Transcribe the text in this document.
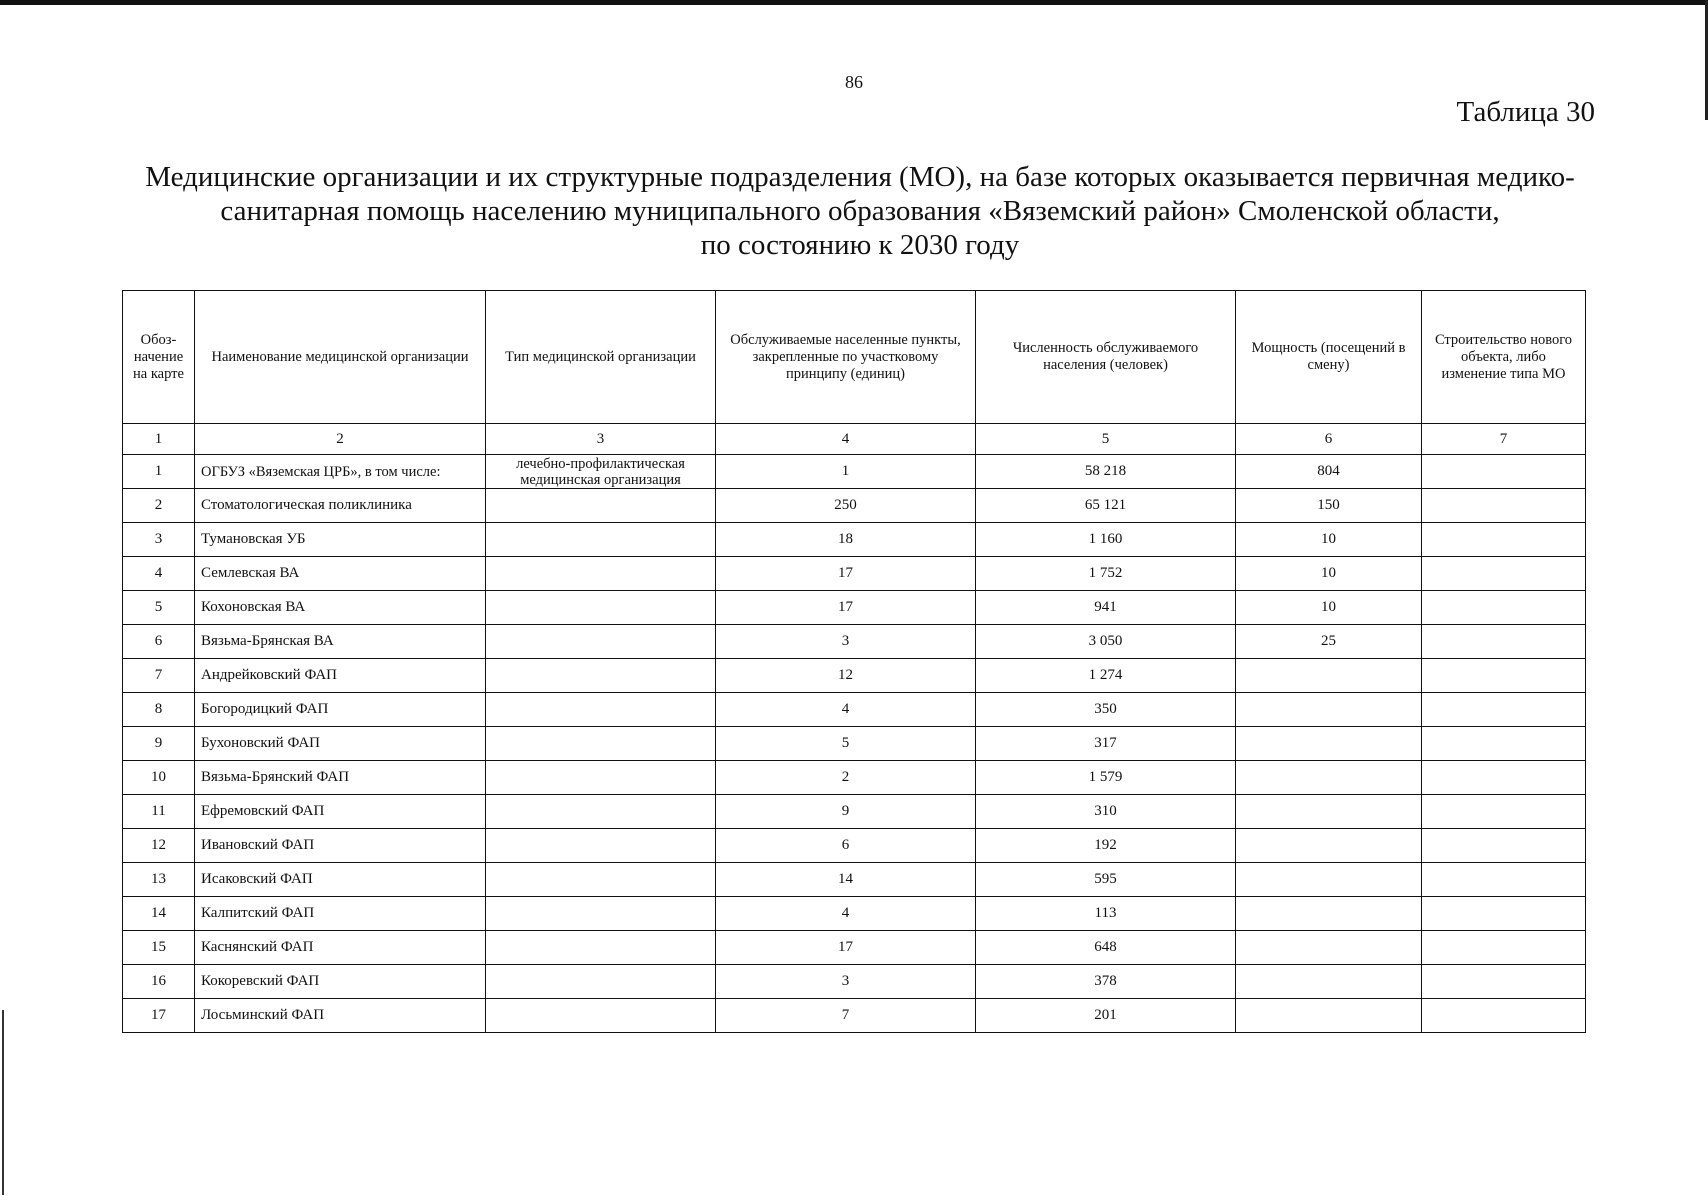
86
Таблица 30
Медицинские организации и их структурные подразделения (МО), на базе которых оказывается первичная медико-
санитарная помощь населению муниципального образования «Вяземский район» Смоленской области,
по состоянию к 2030 году
Обоз-начение на карте	Наименование медицинской организации	Тип медицинской организации	Обслуживаемые населенные пункты, закрепленные по участковому принципу (единиц)	Численность обслуживаемого населения (человек)	Мощность (посещений в смену)	Строительство нового объекта, либо изменение типа МО
1	2	3	4	5	6	7
1	ОГБУЗ «Вяземская ЦРБ», в том числе:	лечебно-профилактическая медицинская организация	1	58 218	804	
2	Стоматологическая поликлиника		250	65 121	150	
3	Тумановская УБ		18	1 160	10	
4	Семлевская ВА		17	1 752	10	
5	Кохоновская ВА		17	941	10	
6	Вязьма-Брянская ВА		3	3 050	25	
7	Андрейковский ФАП		12	1 274		
8	Богородицкий ФАП		4	350		
9	Бухоновский ФАП		5	317		
10	Вязьма-Брянский ФАП		2	1 579		
11	Ефремовский ФАП		9	310		
12	Ивановский ФАП		6	192		
13	Исаковский ФАП		14	595		
14	Калпитский ФАП		4	113		
15	Каснянский ФАП		17	648		
16	Кокоревский ФАП		3	378		
17	Лосьминский ФАП		7	201		
